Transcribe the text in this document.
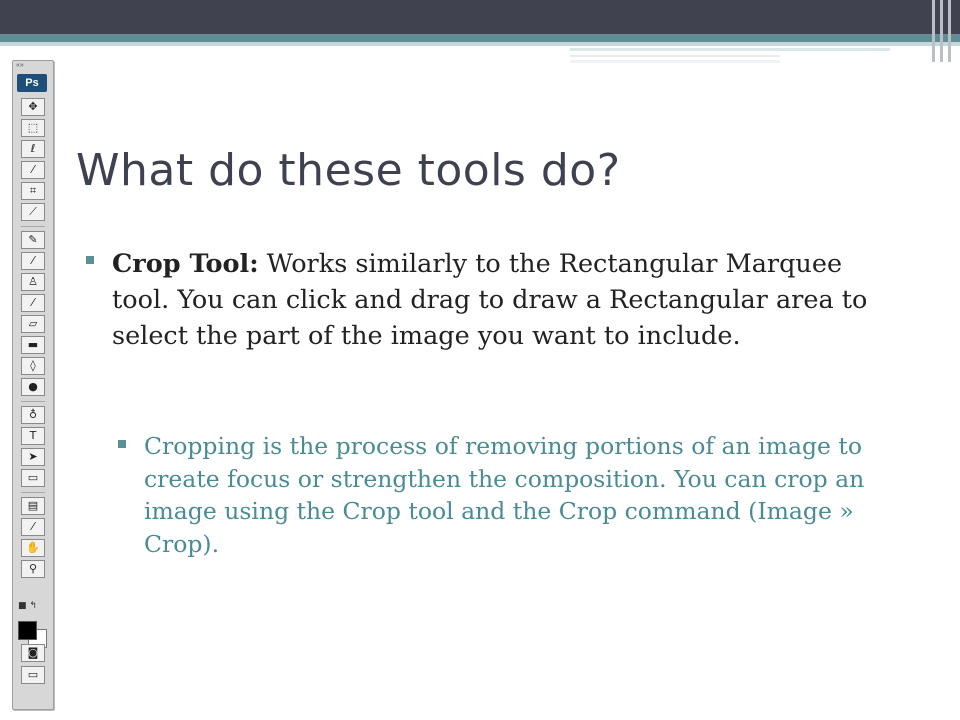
«»
Ps
■ ↰
✥
⬚
ℓ
⁄
⌗
⟋
✎
⁄
♙
⁄
▱
▬
◊
●
♁
T
➤
▭
▤
⁄
✋
⚲
◙
▭
What do these tools do?
Crop Tool: Works similarly to the Rectangular Marquee tool. You can click and drag to draw a Rectangular area to select the part of the image you want to include.
Cropping is the process of removing portions of an image to create focus or strengthen the composition. You can crop an image using the Crop tool and the Crop command (Image » Crop).
